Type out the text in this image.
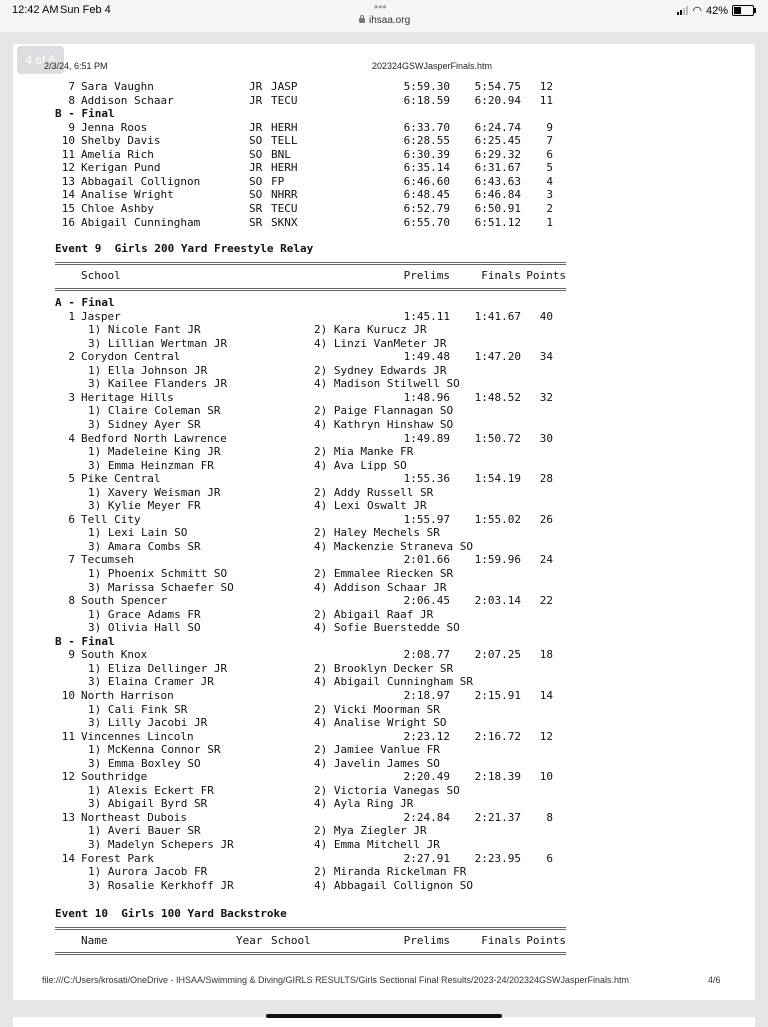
12:42 AM Sun Feb 4	•••
ihsaa.org
◠ 42%
4 of 6
2/3/24, 6:51 PM	202324GSWJasperFinals.htm
7 Sara Vaughn	JR JASP	5:59.30	5:54.75	12
8 Addison Schaar	JR TECU	6:18.59	6:20.94	11
B - Final
9 Jenna Roos	JR HERH	6:33.70	6:24.74	9
10 Shelby Davis	SO TELL	6:28.55	6:25.45	7
11 Amelia Rich	SO BNL	6:30.39	6:29.32	6
12 Kerigan Pund	JR HERH	6:35.14	6:31.67	5
13 Abbagail Collignon	SO FP	6:46.60	6:43.63	4
14 Analise Wright	SO NHRR	6:48.45	6:46.84	3
15 Chloe Ashby	SR TECU	6:52.79	6:50.91	2
16 Abigail Cunningham	SR SKNX	6:55.70	6:51.12	1
Event 9  Girls 200 Yard Freestyle Relay
School	Prelims	Finals Points
A - Final
1 Jasper	1:45.11	1:41.67	40
1) Nicole Fant JR	2) Kara Kurucz JR
3) Lillian Wertman JR	4) Linzi VanMeter JR
2 Corydon Central	1:49.48	1:47.20	34
1) Ella Johnson JR	2) Sydney Edwards JR
3) Kailee Flanders JR	4) Madison Stilwell SO
3 Heritage Hills	1:48.96	1:48.52	32
1) Claire Coleman SR	2) Paige Flannagan SO
3) Sidney Ayer SR	4) Kathryn Hinshaw SO
4 Bedford North Lawrence	1:49.89	1:50.72	30
1) Madeleine King JR	2) Mia Manke FR
3) Emma Heinzman FR	4) Ava Lipp SO
5 Pike Central	1:55.36	1:54.19	28
1) Xavery Weisman JR	2) Addy Russell SR
3) Kylie Meyer FR	4) Lexi Oswalt JR
6 Tell City	1:55.97	1:55.02	26
1) Lexi Lain SO	2) Haley Mechels SR
3) Amara Combs SR	4) Mackenzie Straneva SO
7 Tecumseh	2:01.66	1:59.96	24
1) Phoenix Schmitt SO	2) Emmalee Riecken SR
3) Marissa Schaefer SO	4) Addison Schaar JR
8 South Spencer	2:06.45	2:03.14	22
1) Grace Adams FR	2) Abigail Raaf JR
3) Olivia Hall SO	4) Sofie Buerstedde SO
B - Final
9 South Knox	2:08.77	2:07.25	18
1) Eliza Dellinger JR	2) Brooklyn Decker SR
3) Elaina Cramer JR	4) Abigail Cunningham SR
10 North Harrison	2:18.97	2:15.91	14
1) Cali Fink SR	2) Vicki Moorman SR
3) Lilly Jacobi JR	4) Analise Wright SO
11 Vincennes Lincoln	2:23.12	2:16.72	12
1) McKenna Connor SR	2) Jamiee Vanlue FR
3) Emma Boxley SO	4) Javelin James SO
12 Southridge	2:20.49	2:18.39	10
1) Alexis Eckert FR	2) Victoria Vanegas SO
3) Abigail Byrd SR	4) Ayla Ring JR
13 Northeast Dubois	2:24.84	2:21.37	8
1) Averi Bauer SR	2) Mya Ziegler JR
3) Madelyn Schepers JR	4) Emma Mitchell JR
14 Forest Park	2:27.91	2:23.95	6
1) Aurora Jacob FR	2) Miranda Rickelman FR
3) Rosalie Kerkhoff JR	4) Abbagail Collignon SO
Event 10  Girls 100 Yard Backstroke
Name	Year School	Prelims	Finals Points
file:///C:/Users/krosati/OneDrive - IHSAA/Swimming & Diving/GIRLS RESULTS/Girls Sectional Final Results/2023-24/202324GSWJasperFinals.htm	4/6
